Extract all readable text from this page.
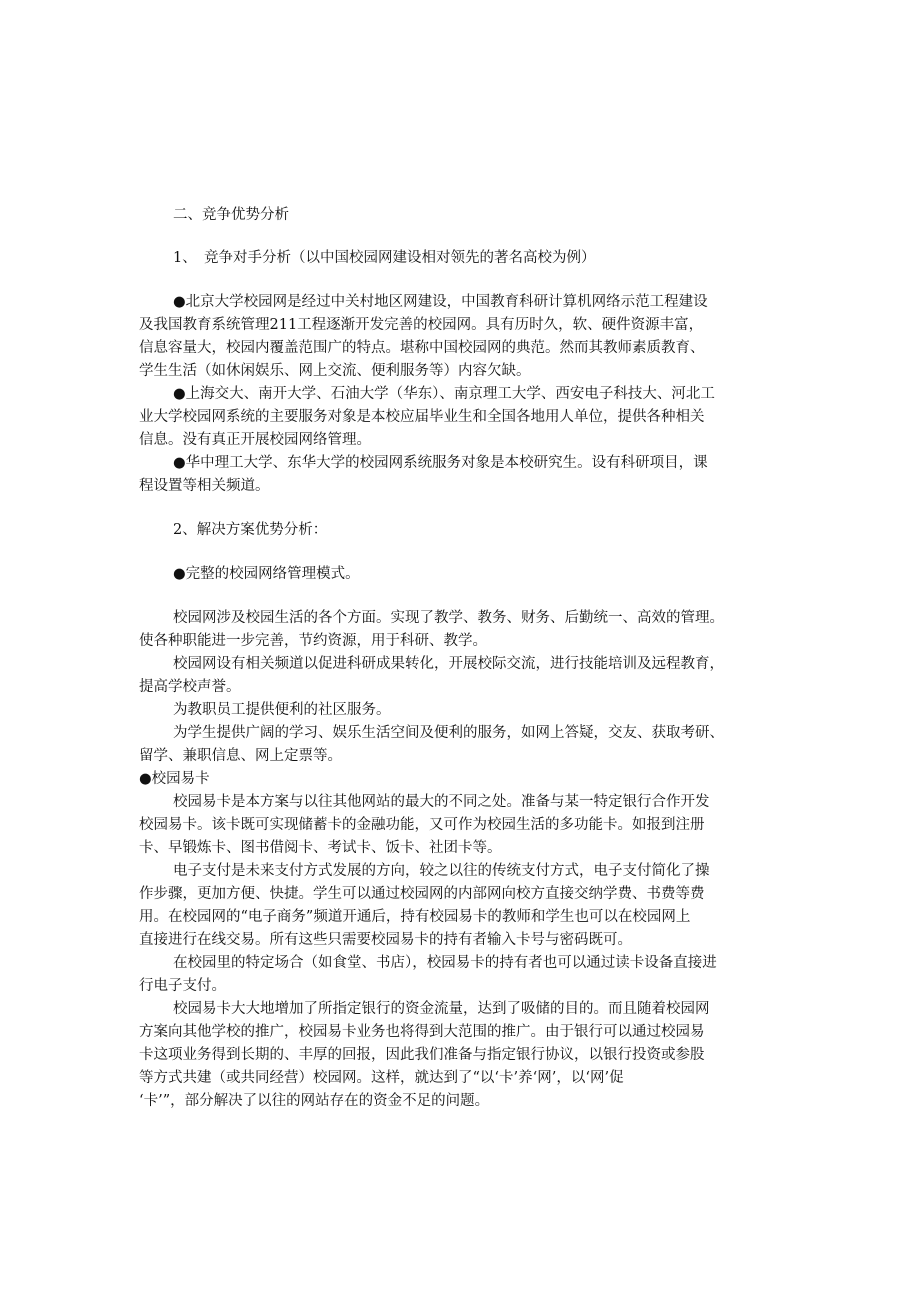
二、竞争优势分析
1、　竞争对手分析（以中国校园网建设相对领先的著名高校为例）
●北京大学校园网是经过中关村地区网建设，中国教育科研计算机网络示范工程建设
及我国教育系统管理211工程逐渐开发完善的校园网。具有历时久，软、硬件资源丰富，
信息容量大，校园内覆盖范围广的特点。堪称中国校园网的典范。然而其教师素质教育、
学生生活（如休闲娱乐、网上交流、便利服务等）内容欠缺。
●上海交大、南开大学、石油大学（华东）、南京理工大学、西安电子科技大、河北工
业大学校园网系统的主要服务对象是本校应届毕业生和全国各地用人单位，提供各种相关
信息。没有真正开展校园网络管理。
●华中理工大学、东华大学的校园网系统服务对象是本校研究生。设有科研项目，课
程设置等相关频道。
2、解决方案优势分析：
●完整的校园网络管理模式。
校园网涉及校园生活的各个方面。实现了教学、教务、财务、后勤统一、高效的管理。
使各种职能进一步完善，节约资源，用于科研、教学。
校园网设有相关频道以促进科研成果转化，开展校际交流，进行技能培训及远程教育，
提高学校声誉。
为教职员工提供便利的社区服务。
为学生提供广阔的学习、娱乐生活空间及便利的服务，如网上答疑，交友、获取考研、
留学、兼职信息、网上定票等。
●校园易卡
校园易卡是本方案与以往其他网站的最大的不同之处。准备与某一特定银行合作开发
校园易卡。该卡既可实现储蓄卡的金融功能，又可作为校园生活的多功能卡。如报到注册
卡、早锻炼卡、图书借阅卡、考试卡、饭卡、社团卡等。
电子支付是未来支付方式发展的方向，较之以往的传统支付方式，电子支付简化了操
作步骤，更加方便、快捷。学生可以通过校园网的内部网向校方直接交纳学费、书费等费
用。在校园网的“电子商务”频道开通后，持有校园易卡的教师和学生也可以在校园网上
直接进行在线交易。所有这些只需要校园易卡的持有者输入卡号与密码既可。
在校园里的特定场合（如食堂、书店），校园易卡的持有者也可以通过读卡设备直接进
行电子支付。
校园易卡大大地增加了所指定银行的资金流量，达到了吸储的目的。而且随着校园网
方案向其他学校的推广，校园易卡业务也将得到大范围的推广。由于银行可以通过校园易
卡这项业务得到长期的、丰厚的回报，因此我们准备与指定银行协议，以银行投资或参股
等方式共建（或共同经营）校园网。这样，就达到了“以‘卡’养‘网’，以‘网’促
‘卡’”，部分解决了以往的网站存在的资金不足的问题。
